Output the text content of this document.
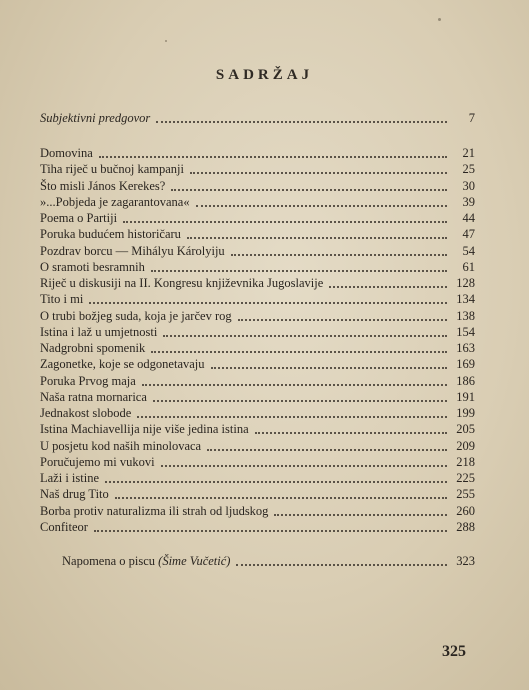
SADRŽAJ
Subjektivni predgovor	7
Domovina	21
Tiha riječ u bučnoj kampanji	25
Što misli János Kerekes?	30
»...Pobjeda je zagarantovana«	39
Poema o Partiji	44
Poruka budućem historičaru	47
Pozdrav borcu — Mihályu Károlyiju	54
O sramoti besramnih	61
Riječ u diskusiji na II. Kongresu književnika Jugoslavije	128
Tito i mi	134
O trubi božjeg suda, koja je jarčev rog	138
Istina i laž u umjetnosti	154
Nadgrobni spomenik	163
Zagonetke, koje se odgonetavaju	169
Poruka Prvog maja	186
Naša ratna mornarica	191
Jednakost slobode	199
Istina Machiavellija nije više jedina istina	205
U posjetu kod naših minolovaca	209
Poručujemo mi vukovi	218
Laži i istine	225
Naš drug Tito	255
Borba protiv naturalizma ili strah od ljudskog	260
Confiteor	288
Napomena o piscu (Šime Vučetić)	323
325
